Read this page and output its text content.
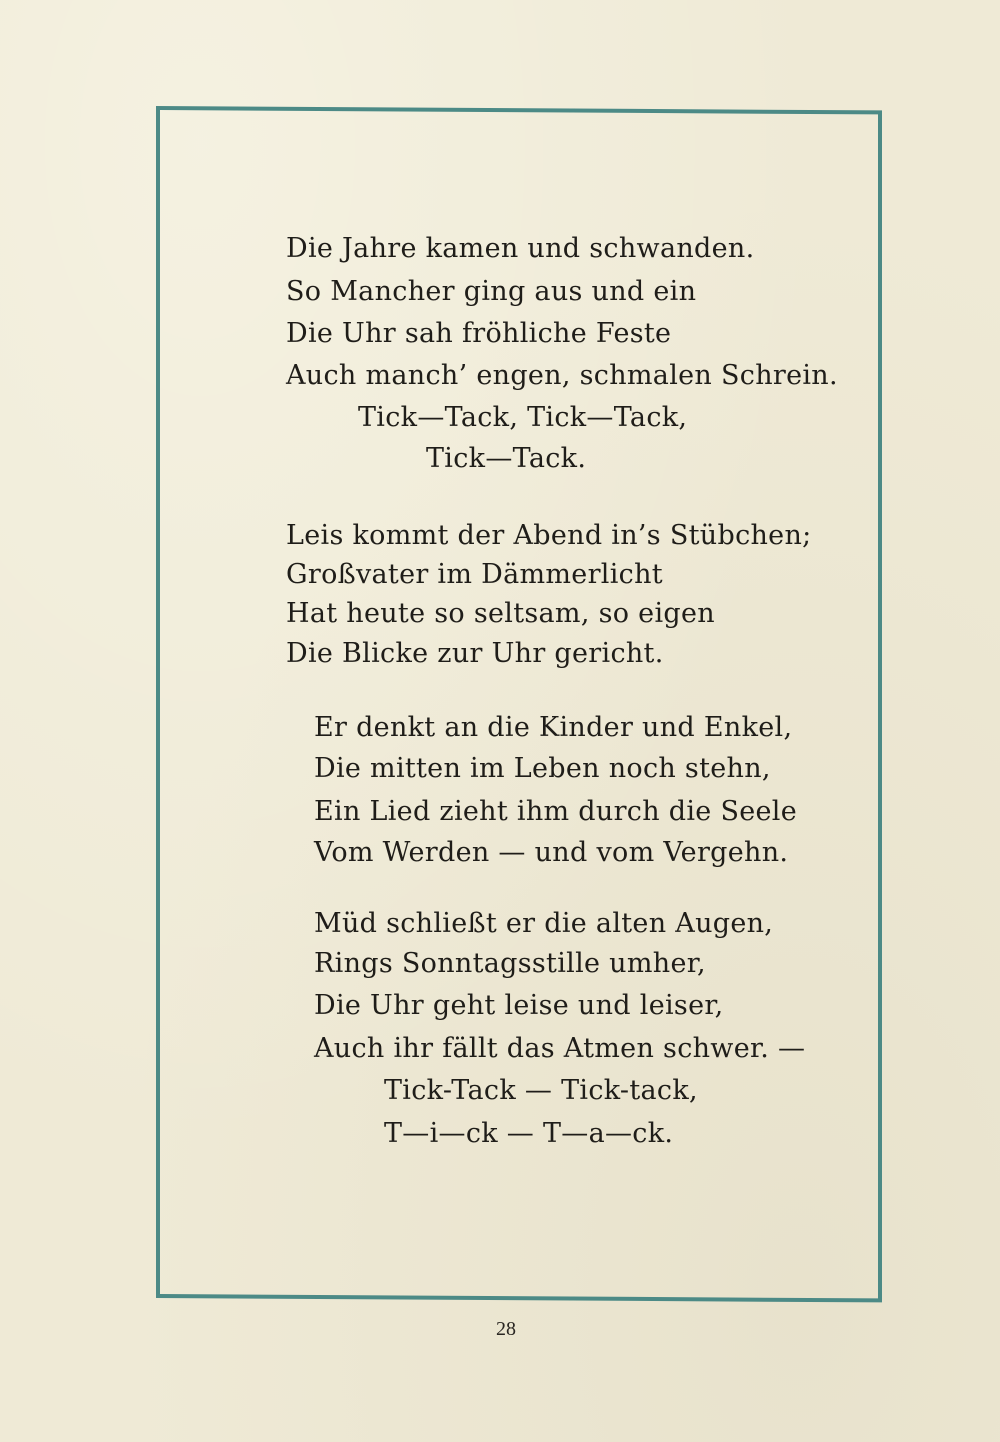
Die Jahre kamen und schwanden.
So Mancher ging aus und ein
Die Uhr sah fröhliche Feste
Auch manch’ engen, schmalen Schrein.
Tick—Tack, Tick—Tack,
Tick—Tack.
Leis kommt der Abend in’s Stübchen;
Großvater im Dämmerlicht
Hat heute so seltsam, so eigen
Die Blicke zur Uhr gericht.
Er denkt an die Kinder und Enkel,
Die mitten im Leben noch stehn,
Ein Lied zieht ihm durch die Seele
Vom Werden — und vom Vergehn.
Müd schließt er die alten Augen,
Rings Sonntagsstille umher,
Die Uhr geht leise und leiser,
Auch ihr fällt das Atmen schwer. —
Tick-Tack — Tick-tack,
T—i—ck — T—a—ck.
28
